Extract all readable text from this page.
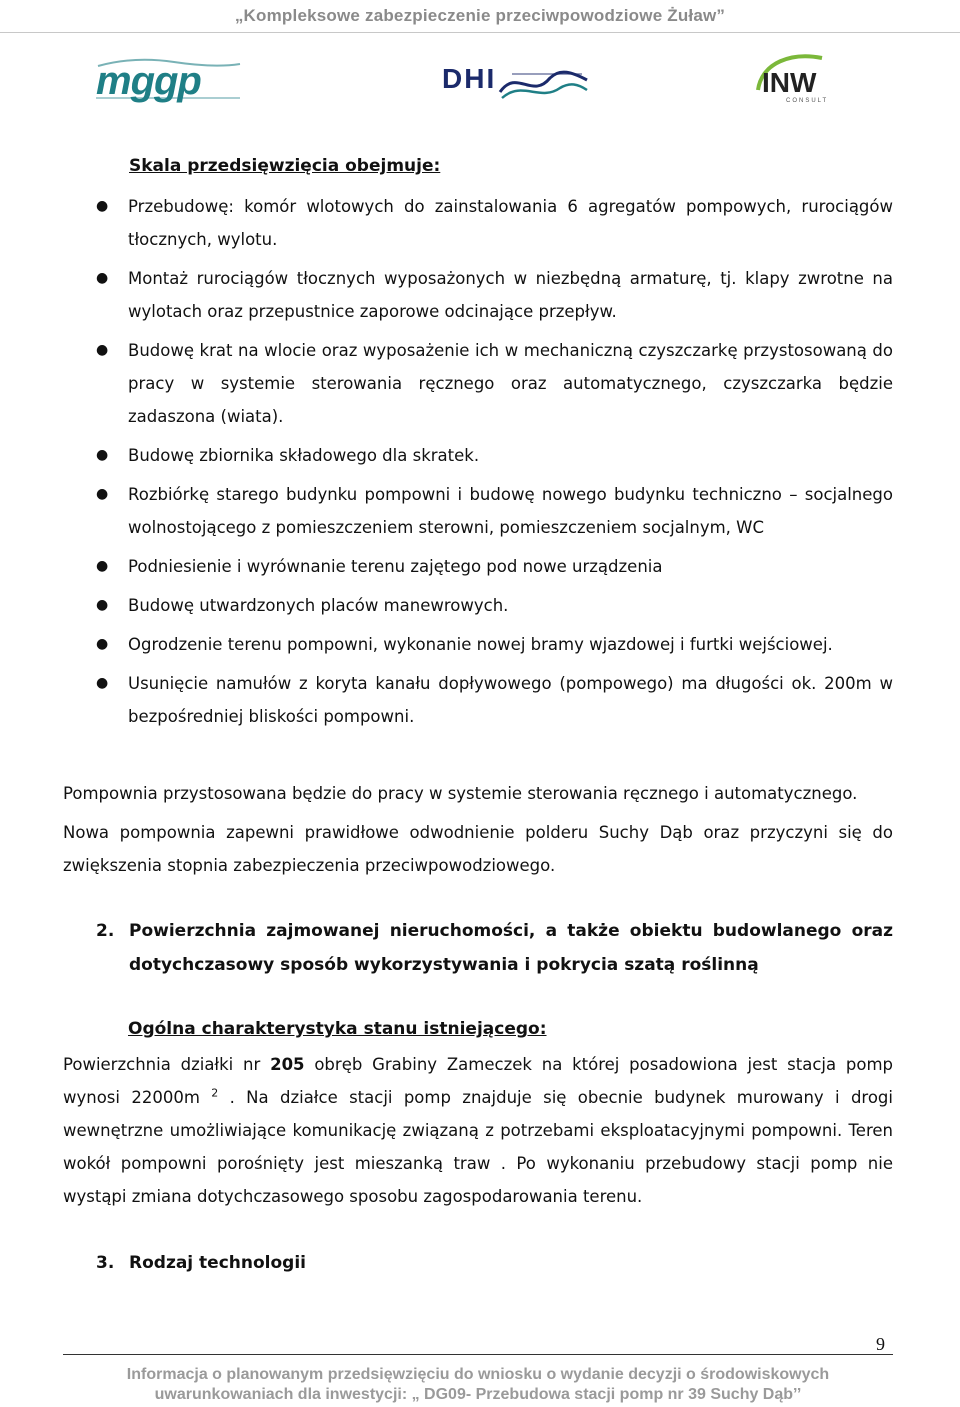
„Kompleksowe zabezpieczenie przeciwpowodziowe Żuław”
mggp	DHI	INW
CONSULT
Skala przedsięwzięcia obejmuje:
● Przebudowę: komór wlotowych do zainstalowania 6 agregatów pompowych, rurociągów tłocznych, wylotu.
● Montaż rurociągów tłocznych wyposażonych w niezbędną armaturę, tj. klapy zwrotne na wylotach oraz przepustnice zaporowe odcinające przepływ.
● Budowę krat na wlocie oraz wyposażenie ich w mechaniczną czyszczarkę przystosowaną do pracy w systemie sterowania ręcznego oraz automatycznego, czyszczarka będzie zadaszona (wiata).
● Budowę zbiornika składowego dla skratek.
● Rozbiórkę starego budynku pompowni i budowę nowego budynku techniczno – socjalnego wolnostojącego z pomieszczeniem sterowni, pomieszczeniem socjalnym, WC
● Podniesienie i wyrównanie terenu zajętego pod nowe urządzenia
● Budowę utwardzonych placów manewrowych.
● Ogrodzenie terenu pompowni, wykonanie nowej bramy wjazdowej i furtki wejściowej.
● Usunięcie namułów z koryta kanału dopływowego (pompowego) ma długości ok. 200m w bezpośredniej bliskości pompowni.

Pompownia przystosowana będzie do pracy w systemie sterowania ręcznego i automatycznego.

Nowa pompownia zapewni prawidłowe odwodnienie polderu Suchy Dąb oraz przyczyni się do zwiększenia stopnia zabezpieczenia przeciwpowodziowego.

2. Powierzchnia zajmowanej nieruchomości, a także obiektu budowlanego oraz dotychczasowy sposób wykorzystywania i pokrycia szatą roślinną
Ogólna charakterystyka stanu istniejącego:

Powierzchnia działki nr 205 obręb Grabiny Zameczek na której posadowiona jest stacja pomp wynosi 22000m $^2$ . Na działce stacji pomp znajduje się obecnie budynek murowany i drogi wewnętrzne umożliwiające komunikację związaną z potrzebami eksploatacyjnymi pompowni. Teren wokół pompowni porośnięty jest mieszanką traw . Po wykonaniu przebudowy stacji pomp nie wystąpi zmiana dotychczasowego sposobu zagospodarowania terenu.

3. Rodzaj technologii
9
Informacja o planowanym przedsięwzięciu do wniosku o wydanie decyzji o środowiskowych
uwarunkowaniach dla inwestycji: „ DG09- Przebudowa stacji pomp nr 39 Suchy Dąb’’
